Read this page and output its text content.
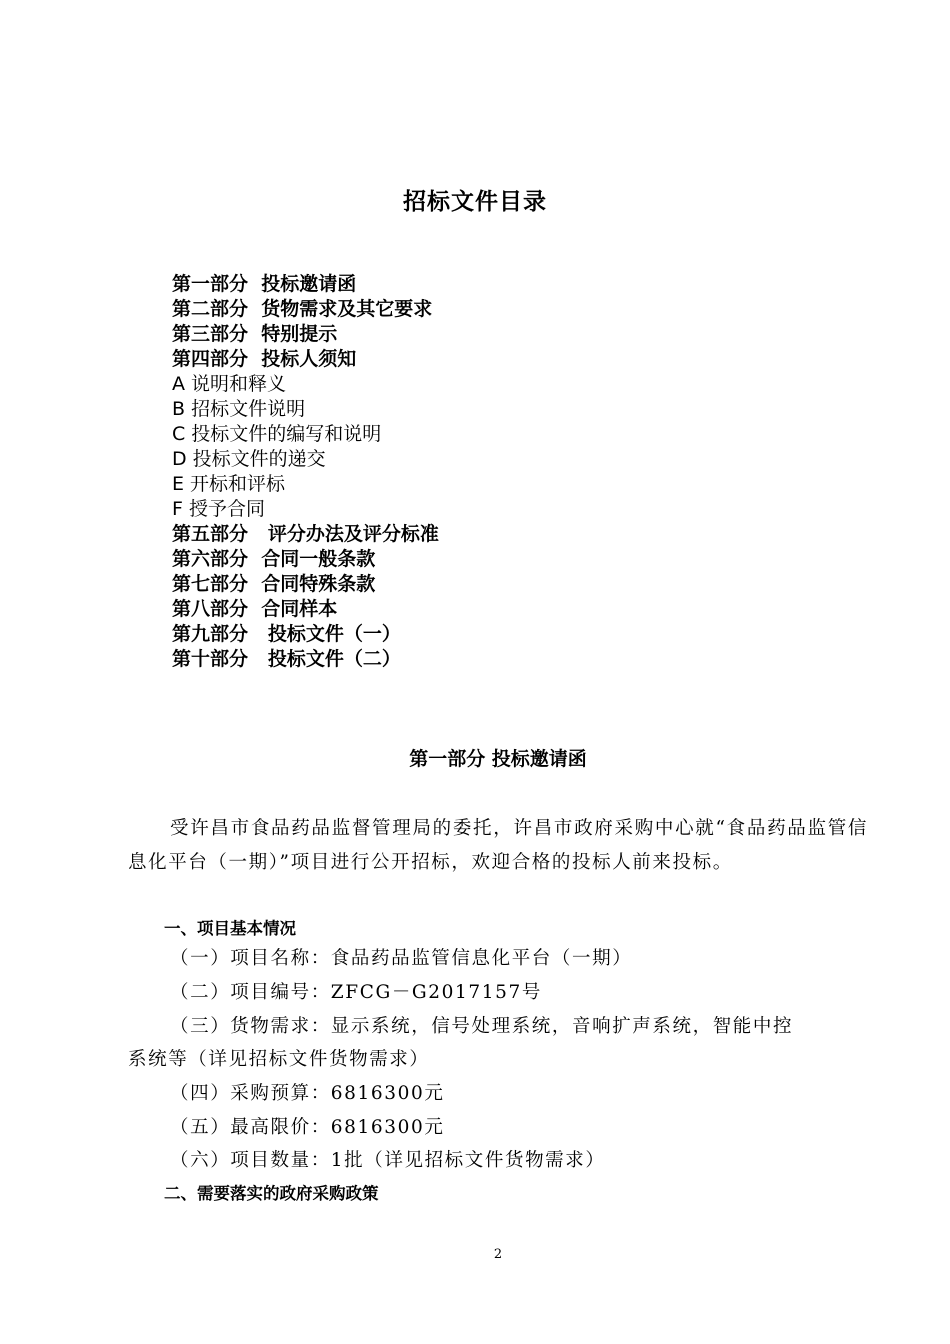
招标文件目录
第一部分  投标邀请函
第二部分  货物需求及其它要求
第三部分  特别提示
第四部分  投标人须知
A 说明和释义
B 招标文件说明
C 投标文件的编写和说明
D 投标文件的递交
E 开标和评标
F 授予合同
第五部分   评分办法及评分标准
第六部分  合同一般条款
第七部分  合同特殊条款
第八部分  合同样本
第九部分   投标文件（一）
第十部分   投标文件（二）
第一部分 投标邀请函

受许昌市食品药品监督管理局的委托，许昌市政府采购中心就“食品药品监管信息化平台（一期）”项目进行公开招标，欢迎合格的投标人前来投标。

一、项目基本情况
（一）项目名称：食品药品监管信息化平台（一期）
（二）项目编号：ZFCG－G2017157号
（三）货物需求：显示系统，信号处理系统，音响扩声系统，智能中控
系统等（详见招标文件货物需求）
（四）采购预算：6816300元
（五）最高限价：6816300元
（六）项目数量：1批（详见招标文件货物需求）
二、需要落实的政府采购政策
2
